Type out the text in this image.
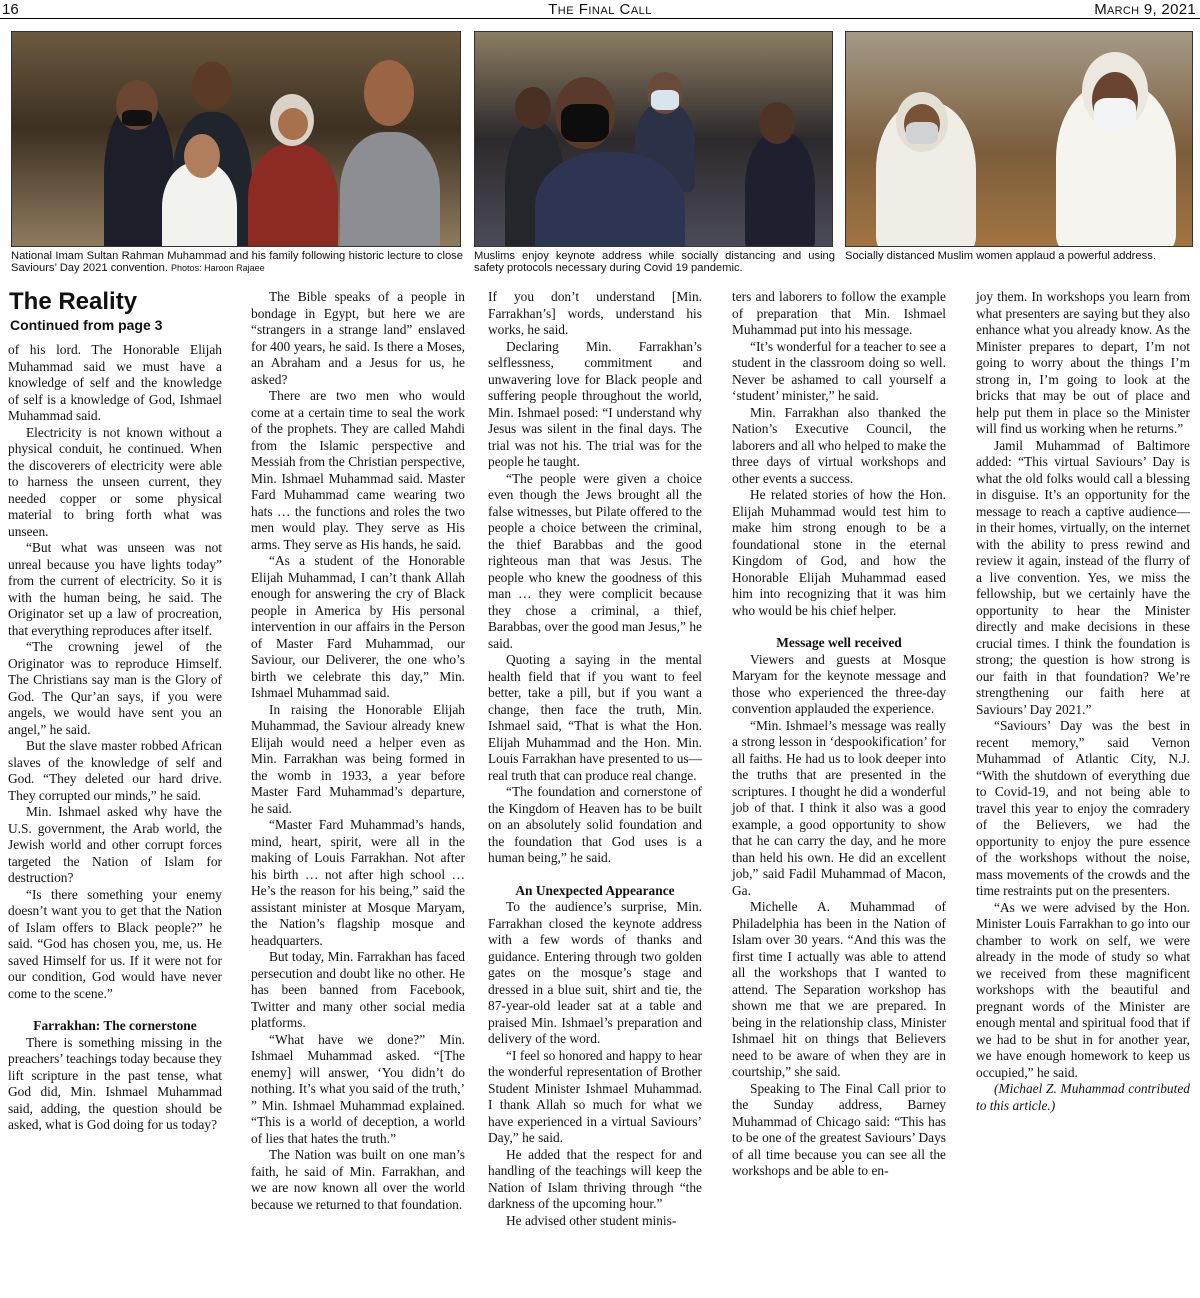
16	The Final Call	March 9, 2021
National Imam Sultan Rahman Muhammad and his family following historic lecture to close Saviours’ Day 2021 convention. Photos: Haroon Rajaee
Muslims enjoy keynote address while socially distancing and using safety protocols necessary during Covid 19 pandemic.
Socially distanced Muslim women applaud a powerful address.
The Reality
Continued from page 3

of his lord. The Honorable Elijah Muhammad said we must have a knowledge of self and the knowledge of self is a knowledge of God, Ishmael Muhammad said.

Electricity is not known without a physical conduit, he continued. When the discoverers of electricity were able to harness the unseen current, they needed copper or some physical material to bring forth what was unseen.

“But what was unseen was not unreal because you have lights today” from the current of electricity. So it is with the human being, he said. The Originator set up a law of procreation, that everything reproduces after itself.

“The crowning jewel of the Originator was to reproduce Himself. The Christians say man is the Glory of God. The Qur’an says, if you were angels, we would have sent you an angel,” he said.

But the slave master robbed African slaves of the knowledge of self and God. “They deleted our hard drive. They corrupted our minds,” he said.

Min. Ishmael asked why have the U.S. government, the Arab world, the Jewish world and other corrupt forces targeted the Nation of Islam for destruction?

“Is there something your enemy doesn’t want you to get that the Nation of Islam offers to Black people?” he said. “God has chosen you, me, us. He saved Himself for us. If it were not for our condition, God would have never come to the scene.”

Farrakhan: The cornerstone

There is something missing in the preachers’ teachings today because they lift scripture in the past tense, what God did, Min. Ishmael Muhammad said, adding, the question should be asked, what is God doing for us today?

The Bible speaks of a people in bondage in Egypt, but here we are “strangers in a strange land” enslaved for 400 years, he said. Is there a Moses, an Abraham and a Jesus for us, he asked?

There are two men who would come at a certain time to seal the work of the prophets. They are called Mahdi from the Islamic perspective and Messiah from the Christian perspective, Min. Ishmael Muhammad said. Master Fard Muhammad came wearing two hats … the functions and roles the two men would play. They serve as His arms. They serve as His hands, he said.

“As a student of the Honorable Elijah Muhammad, I can’t thank Allah enough for answering the cry of Black people in America by His personal intervention in our affairs in the Person of Master Fard Muhammad, our Saviour, our Deliverer, the one who’s birth we celebrate this day,” Min. Ishmael Muhammad said.

In raising the Honorable Elijah Muhammad, the Saviour already knew Elijah would need a helper even as Min. Farrakhan was being formed in the womb in 1933, a year before Master Fard Muhammad’s departure, he said.

“Master Fard Muhammad’s hands, mind, heart, spirit, were all in the making of Louis Farrakhan. Not after his birth … not after high school … He’s the reason for his being,” said the assistant minister at Mosque Maryam, the Nation’s flagship mosque and headquarters.

But today, Min. Farrakhan has faced persecution and doubt like no other. He has been banned from Facebook, Twitter and many other social media platforms.

“What have we done?” Min. Ishmael Muhammad asked. “[The enemy] will answer, ‘You didn’t do nothing. It’s what you said of the truth,’ ” Min. Ishmael Muhammad explained. “This is a world of deception, a world of lies that hates the truth.”

The Nation was built on one man’s faith, he said of Min. Farrakhan, and we are now known all over the world because we returned to that foundation.

If you don’t understand [Min. Farrakhan’s] words, understand his works, he said.

Declaring Min. Farrakhan’s selflessness, commitment and unwavering love for Black people and suffering people throughout the world, Min. Ishmael posed: “I understand why Jesus was silent in the final days. The trial was not his. The trial was for the people he taught.

“The people were given a choice even though the Jews brought all the false witnesses, but Pilate offered to the people a choice between the criminal, the thief Barabbas and the good righteous man that was Jesus. The people who knew the goodness of this man … they were complicit because they chose a criminal, a thief, Barabbas, over the good man Jesus,” he said.

Quoting a saying in the mental health field that if you want to feel better, take a pill, but if you want a change, then face the truth, Min. Ishmael said, “That is what the Hon. Elijah Muhammad and the Hon. Min. Louis Farrakhan have presented to us—real truth that can produce real change.

“The foundation and cornerstone of the Kingdom of Heaven has to be built on an absolutely solid foundation and the foundation that God uses is a human being,” he said.

An Unexpected Appearance

To the audience’s surprise, Min. Farrakhan closed the keynote address with a few words of thanks and guidance. Entering through two golden gates on the mosque’s stage and dressed in a blue suit, shirt and tie, the 87-year-old leader sat at a table and praised Min. Ishmael’s preparation and delivery of the word.

“I feel so honored and happy to hear the wonderful representation of Brother Student Minister Ishmael Muhammad. I thank Allah so much for what we have experienced in a virtual Saviours’ Day,” he said.

He added that the respect for and handling of the teachings will keep the Nation of Islam thriving through “the darkness of the upcoming hour.”

He advised other student minis-

ters and laborers to follow the example of preparation that Min. Ishmael Muhammad put into his message.

“It’s wonderful for a teacher to see a student in the classroom doing so well. Never be ashamed to call yourself a ‘student’ minister,” he said.

Min. Farrakhan also thanked the Nation’s Executive Council, the laborers and all who helped to make the three days of virtual workshops and other events a success.

He related stories of how the Hon. Elijah Muhammad would test him to make him strong enough to be a foundational stone in the eternal Kingdom of God, and how the Honorable Elijah Muhammad eased him into recognizing that it was him who would be his chief helper.

Message well received

Viewers and guests at Mosque Maryam for the keynote message and those who experienced the three-day convention applauded the experience.

“Min. Ishmael’s message was really a strong lesson in ‘despookification’ for all faiths. He had us to look deeper into the truths that are presented in the scriptures. I thought he did a wonderful job of that. I think it also was a good example, a good opportunity to show that he can carry the day, and he more than held his own. He did an excellent job,” said Fadil Muhammad of Macon, Ga.

Michelle A. Muhammad of Philadelphia has been in the Nation of Islam over 30 years. “And this was the first time I actually was able to attend all the workshops that I wanted to attend. The Separation workshop has shown me that we are prepared. In being in the relationship class, Minister Ishmael hit on things that Believers need to be aware of when they are in courtship,” she said.

Speaking to The Final Call prior to the Sunday address, Barney Muhammad of Chicago said: “This has to be one of the greatest Saviours’ Days of all time because you can see all the workshops and be able to en-

joy them. In workshops you learn from what presenters are saying but they also enhance what you already know. As the Minister prepares to depart, I’m not going to worry about the things I’m strong in, I’m going to look at the bricks that may be out of place and help put them in place so the Minister will find us working when he returns.”

Jamil Muhammad of Baltimore added: “This virtual Saviours’ Day is what the old folks would call a blessing in disguise. It’s an opportunity for the message to reach a captive audience—in their homes, virtually, on the internet with the ability to press rewind and review it again, instead of the flurry of a live convention. Yes, we miss the fellowship, but we certainly have the opportunity to hear the Minister directly and make decisions in these crucial times. I think the foundation is strong; the question is how strong is our faith in that foundation? We’re strengthening our faith here at Saviours’ Day 2021.”

“Saviours’ Day was the best in recent memory,” said Vernon Muhammad of Atlantic City, N.J. “With the shutdown of everything due to Covid-19, and not being able to travel this year to enjoy the comradery of the Believers, we had the opportunity to enjoy the pure essence of the workshops without the noise, mass movements of the crowds and the time restraints put on the presenters.

“As we were advised by the Hon. Minister Louis Farrakhan to go into our chamber to work on self, we were already in the mode of study so what we received from these magnificent workshops with the beautiful and pregnant words of the Minister are enough mental and spiritual food that if we had to be shut in for another year, we have enough homework to keep us occupied,” he said.

(Michael Z. Muhammad contributed to this article.)
